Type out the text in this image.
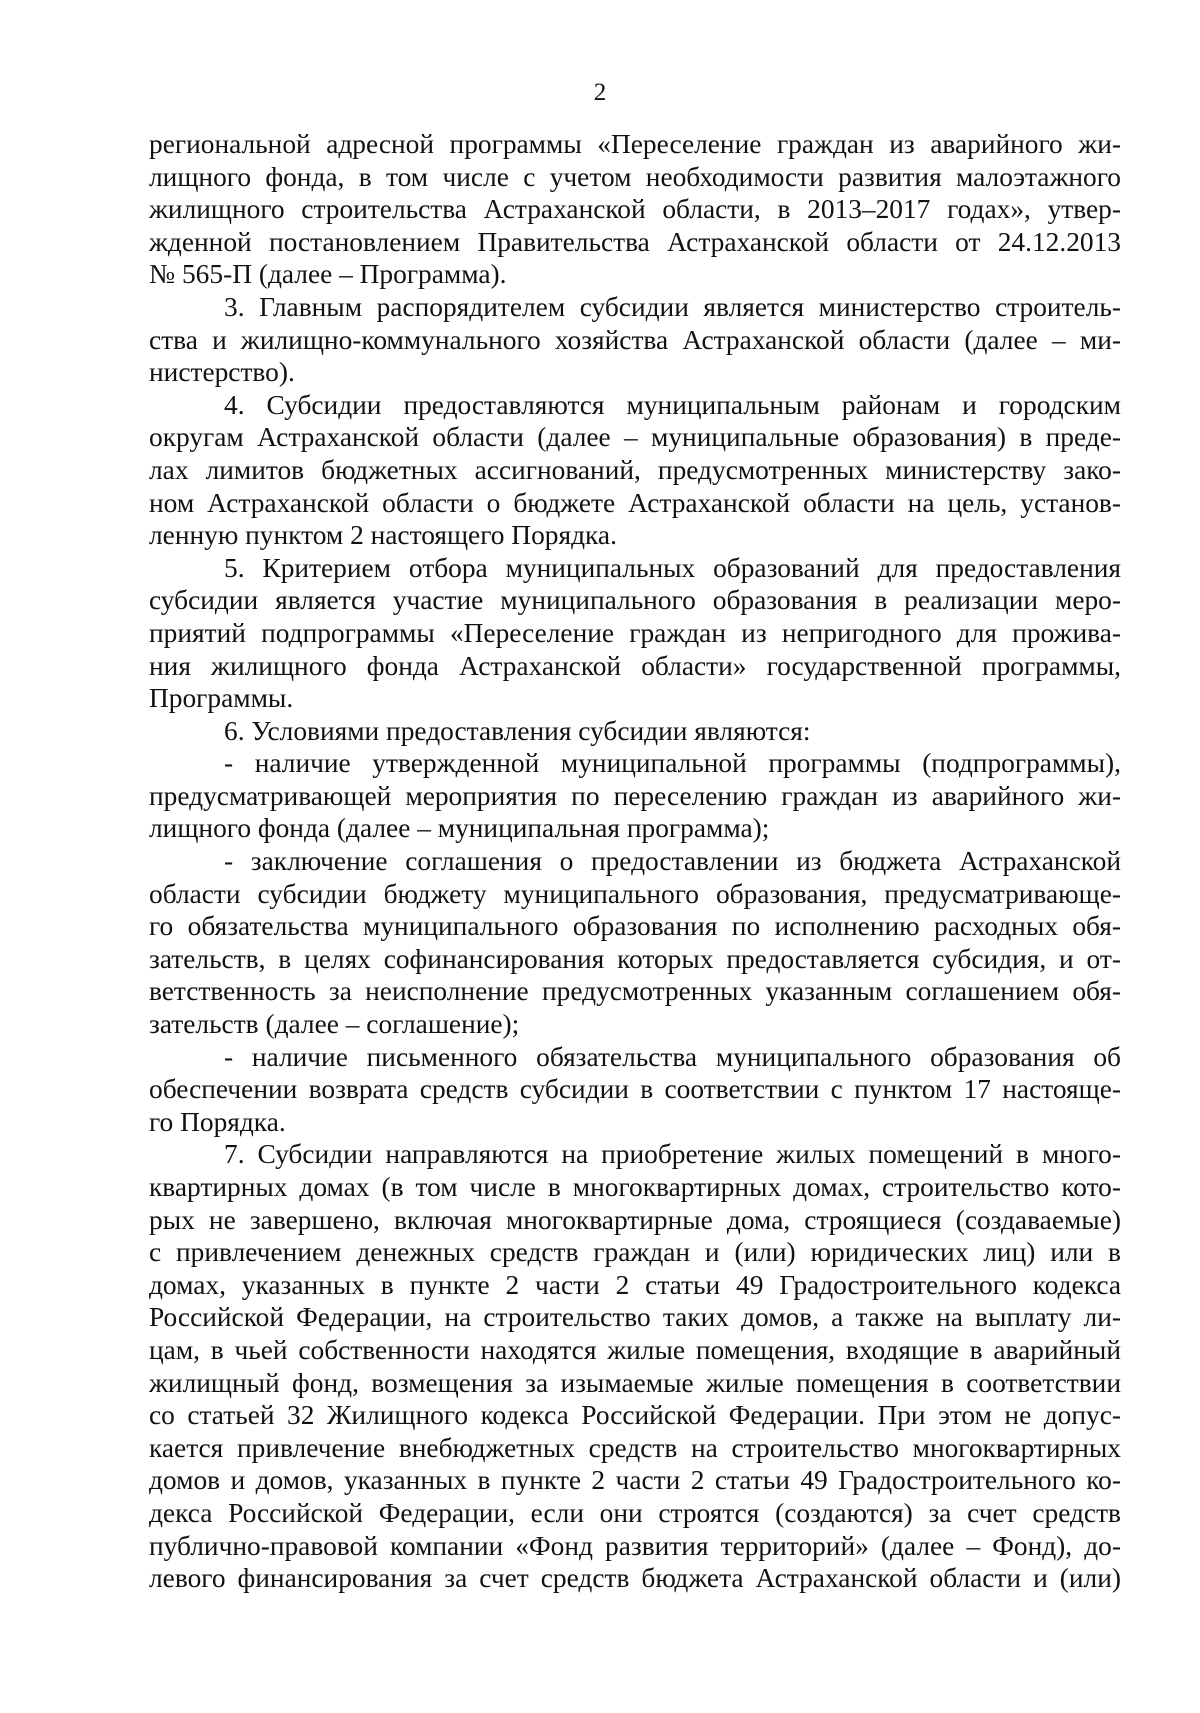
2
региональной адресной программы «Переселение граждан из аварийного жи-
лищного фонда, в том числе с учетом необходимости развития малоэтажного
жилищного строительства Астраханской области, в 2013–2017 годах», утвер-
жденной постановлением Правительства Астраханской области от 24.12.2013
№ 565-П (далее – Программа).
3. Главным распорядителем субсидии является министерство строитель-
ства и жилищно-коммунального хозяйства Астраханской области (далее – ми-
нистерство).
4. Субсидии предоставляются муниципальным районам и городским
округам Астраханской области (далее – муниципальные образования) в преде-
лах лимитов бюджетных ассигнований, предусмотренных министерству зако-
ном Астраханской области о бюджете Астраханской области на цель, установ-
ленную пунктом 2 настоящего Порядка.
5. Критерием отбора муниципальных образований для предоставления
субсидии является участие муниципального образования в реализации меро-
приятий подпрограммы «Переселение граждан из непригодного для прожива-
ния жилищного фонда Астраханской области» государственной программы,
Программы.
6. Условиями предоставления субсидии являются:
- наличие утвержденной муниципальной программы (подпрограммы),
предусматривающей мероприятия по переселению граждан из аварийного жи-
лищного фонда (далее – муниципальная программа);
- заключение соглашения о предоставлении из бюджета Астраханской
области субсидии бюджету муниципального образования, предусматривающе-
го обязательства муниципального образования по исполнению расходных обя-
зательств, в целях софинансирования которых предоставляется субсидия, и от-
ветственность за неисполнение предусмотренных указанным соглашением обя-
зательств (далее – соглашение);
- наличие письменного обязательства муниципального образования об
обеспечении возврата средств субсидии в соответствии с пунктом 17 настояще-
го Порядка.
7. Субсидии направляются на приобретение жилых помещений в много-
квартирных домах (в том числе в многоквартирных домах, строительство кото-
рых не завершено, включая многоквартирные дома, строящиеся (создаваемые)
с привлечением денежных средств граждан и (или) юридических лиц) или в
домах, указанных в пункте 2 части 2 статьи 49 Градостроительного кодекса
Российской Федерации, на строительство таких домов, а также на выплату ли-
цам, в чьей собственности находятся жилые помещения, входящие в аварийный
жилищный фонд, возмещения за изымаемые жилые помещения в соответствии
со статьей 32 Жилищного кодекса Российской Федерации. При этом не допус-
кается привлечение внебюджетных средств на строительство многоквартирных
домов и домов, указанных в пункте 2 части 2 статьи 49 Градостроительного ко-
декса Российской Федерации, если они строятся (создаются) за счет средств
публично-правовой компании «Фонд развития территорий» (далее – Фонд), до-
левого финансирования за счет средств бюджета Астраханской области и (или)
